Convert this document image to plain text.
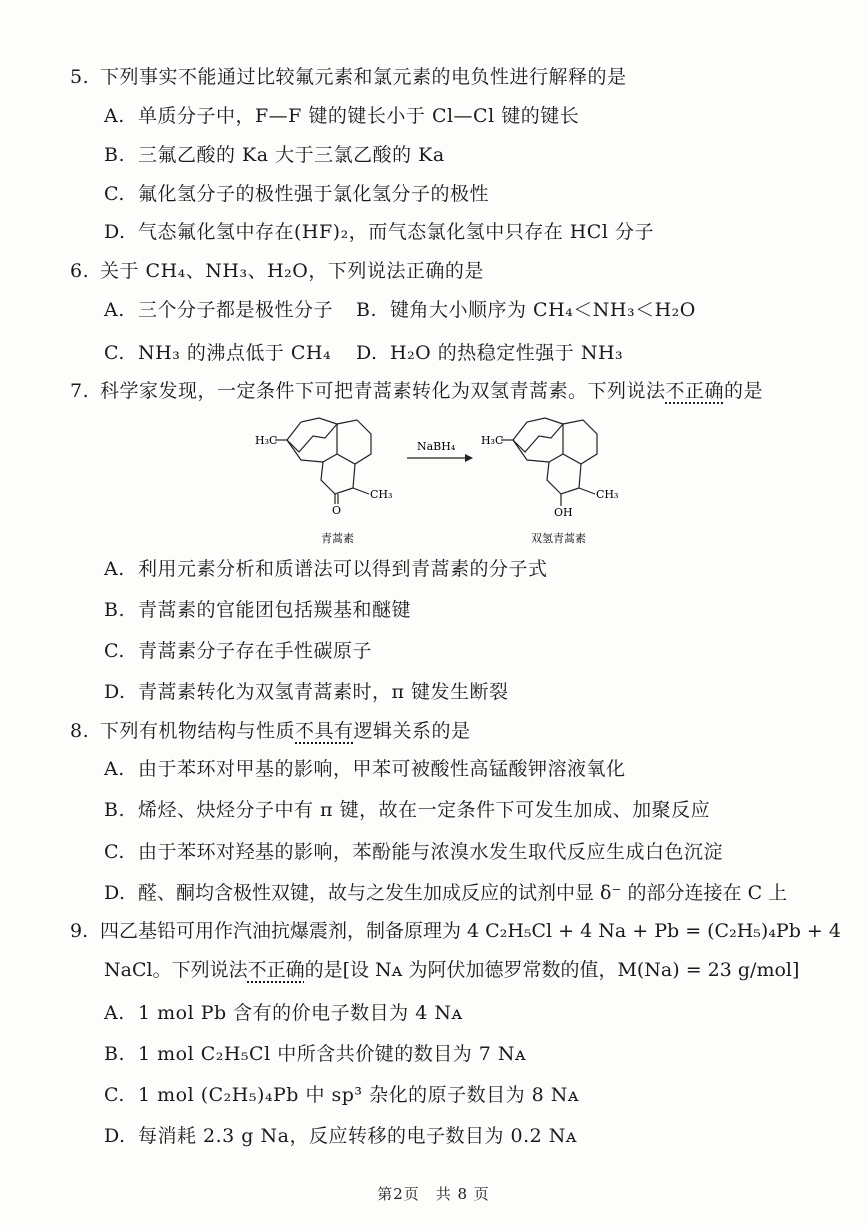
5. 下列事实不能通过比较氟元素和氯元素的电负性进行解释的是
A. 单质分子中，F—F 键的键长小于 Cl—Cl 键的键长
B. 三氟乙酸的 Ka 大于三氯乙酸的 Ka
C. 氟化氢分子的极性强于氯化氢分子的极性
D. 气态氟化氢中存在(HF)₂，而气态氯化氢中只存在 HCl 分子
6. 关于 CH₄、NH₃、H₂O，下列说法正确的是
A. 三个分子都是极性分子 B. 键角大小顺序为 CH₄＜NH₃＜H₂O
C. NH₃ 的沸点低于 CH₄ D. H₂O 的热稳定性强于 NH₃
7. 科学家发现，一定条件下可把青蒿素转化为双氢青蒿素。下列说法不正确的是
H₃C
CH₃
O
青蒿素
NaBH₄ H₃C
CH₃
OH
双氢青蒿素
A. 利用元素分析和质谱法可以得到青蒿素的分子式
B. 青蒿素的官能团包括羰基和醚键
C. 青蒿素分子存在手性碳原子
D. 青蒿素转化为双氢青蒿素时，π 键发生断裂
8. 下列有机物结构与性质不具有逻辑关系的是
A. 由于苯环对甲基的影响，甲苯可被酸性高锰酸钾溶液氧化
B. 烯烃、炔烃分子中有 π 键，故在一定条件下可发生加成、加聚反应
C. 由于苯环对羟基的影响，苯酚能与浓溴水发生取代反应生成白色沉淀
D. 醛、酮均含极性双键，故与之发生加成反应的试剂中显 δ⁻ 的部分连接在 C 上
9. 四乙基铅可用作汽油抗爆震剂，制备原理为 4 C₂H₅Cl + 4 Na + Pb = (C₂H₅)₄Pb + 4
NaCl。下列说法不正确的是[设 Nᴀ 为阿伏加德罗常数的值，M(Na) = 23 g/mol]
A. 1 mol Pb 含有的价电子数目为 4 Nᴀ
B. 1 mol C₂H₅Cl 中所含共价键的数目为 7 Nᴀ
C. 1 mol (C₂H₅)₄Pb 中 sp³ 杂化的原子数目为 8 Nᴀ
D. 每消耗 2.3 g Na，反应转移的电子数目为 0.2 Nᴀ
第2页　共 8 页
